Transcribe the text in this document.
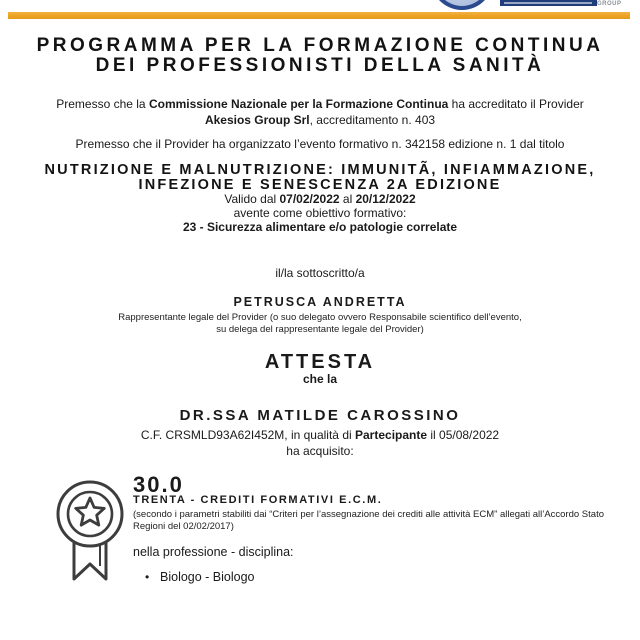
GROUP
PROGRAMMA PER LA FORMAZIONE CONTINUA
DEI PROFESSIONISTI DELLA SANITÀ
Premesso che la Commissione Nazionale per la Formazione Continua ha accreditato il Provider
Akesios Group Srl, accreditamento n. 403
Premesso che il Provider ha organizzato l’evento formativo n. 342158 edizione n. 1 dal titolo
NUTRIZIONE E MALNUTRIZIONE: IMMUNITÃ, INFIAMMAZIONE,
INFEZIONE E SENESCENZA 2A EDIZIONE
Valido dal 07/02/2022 al 20/12/2022
avente come obiettivo formativo:
23 - Sicurezza alimentare e/o patologie correlate
il/la sottoscritto/a
PETRUSCA ANDRETTA
Rappresentante legale del Provider (o suo delegato ovvero Responsabile scientifico dell’evento,
su delega del rappresentante legale del Provider)
ATTESTA
che la
DR.SSA MATILDE CAROSSINO
C.F. CRSMLD93A62I452M, in qualità di Partecipante il 05/08/2022
ha acquisito:
30.0
TRENTA - CREDITI FORMATIVI E.C.M.
(secondo i parametri stabiliti dai “Criteri per l’assegnazione dei crediti alle attività ECM” allegati all’Accordo Stato Regioni del 02/02/2017)
nella professione - disciplina:
• Biologo - Biologo
